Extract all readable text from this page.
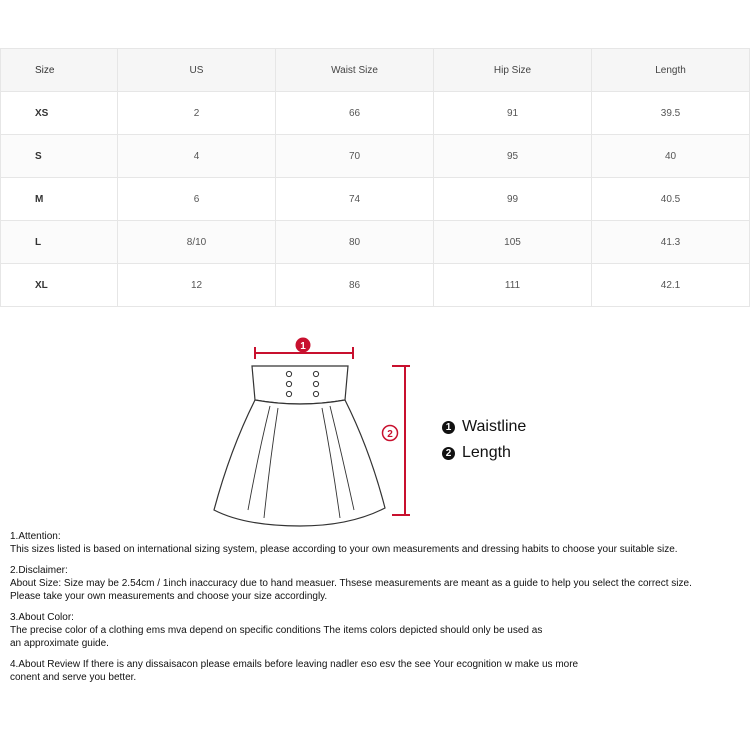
Size	US	Waist Size	Hip Size	Length
XS	2	66	91	39.5
S	4	70	95	40
M	6	74	99	40.5
L	8/10	80	105	41.3
XL	12	86	111	42.1
1
2
1 Waistline
2 Length

1.Attention:

This sizes listed is based on international sizing system, please according to your own measurements and dressing habits to choose your suitable size.

2.Disclaimer:

About Size: Size may be 2.54cm / 1inch inaccuracy due to hand measuer. Thsese measurements are meant as a guide to help you select the correct size.

Please take your own measurements and choose your size accordingly.

3.About Color:

The precise color of a clothing ems mva depend on specific conditions The items colors depicted should only be used as

an approximate guide.

4.About Review If there is any dissaisacon please emails before leaving nadler eso esv the see Your ecognition w make us more

conent and serve you better.
